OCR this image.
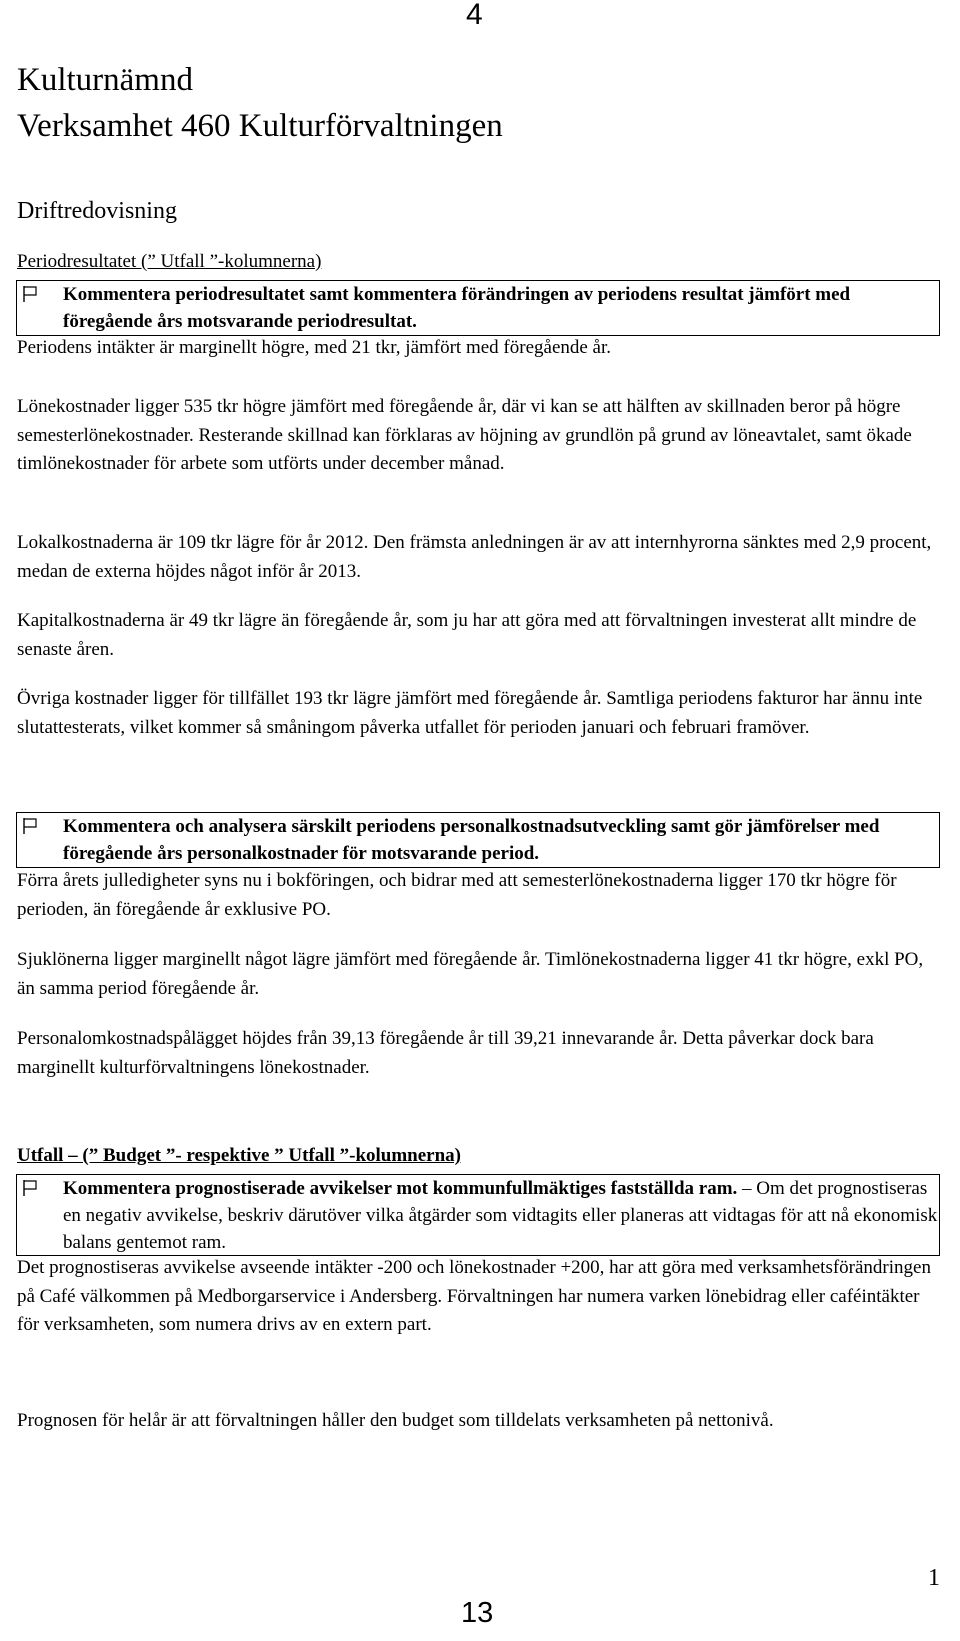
4
Kulturnämnd
Verksamhet 460 Kulturförvaltningen
Driftredovisning
Periodresultatet (” Utfall ”-kolumnerna)
Kommentera periodresultatet samt kommentera förändringen av periodens resultat jämfört med föregående års motsvarande periodresultat.

Periodens intäkter är marginellt högre, med 21 tkr, jämfört med föregående år.

Lönekostnader ligger 535 tkr högre jämfört med föregående år, där vi kan se att hälften av skillnaden beror på högre semesterlönekostnader. Resterande skillnad kan förklaras av höjning av grundlön på grund av löneavtalet, samt ökade timlönekostnader för arbete som utförts under december månad.

Lokalkostnaderna är 109 tkr lägre för år 2012. Den främsta anledningen är av att internhyrorna sänktes med 2,9 procent, medan de externa höjdes något inför år 2013.

Kapitalkostnaderna är 49 tkr lägre än föregående år, som ju har att göra med att förvaltningen investerat allt mindre de senaste åren.

Övriga kostnader ligger för tillfället 193 tkr lägre jämfört med föregående år. Samtliga periodens fakturor har ännu inte slutattesterats, vilket kommer så småningom påverka utfallet för perioden januari och februari framöver.

Kommentera och analysera särskilt periodens personalkostnadsutveckling samt gör jämförelser med föregående års personalkostnader för motsvarande period.

Förra årets julledigheter syns nu i bokföringen, och bidrar med att semesterlönekostnaderna ligger 170 tkr högre för perioden, än föregående år exklusive PO.

Sjuklönerna ligger marginellt något lägre jämfört med föregående år. Timlönekostnaderna ligger 41 tkr högre, exkl PO, än samma period föregående år.

Personalomkostnadspålägget höjdes från 39,13 föregående år till 39,21 innevarande år. Detta påverkar dock bara marginellt kulturförvaltningens lönekostnader.

Utfall – (” Budget ”- respektive ” Utfall ”-kolumnerna)
Kommentera prognostiserade avvikelser mot kommunfullmäktiges fastställda ram. – Om det prognostiseras en negativ avvikelse, beskriv därutöver vilka åtgärder som vidtagits eller planeras att vidtagas för att nå ekonomisk balans gentemot ram.

Det prognostiseras avvikelse avseende intäkter -200 och lönekostnader +200, har att göra med verksamhetsförändringen på Café välkommen på Medborgarservice i Andersberg. Förvaltningen har numera varken lönebidrag eller caféintäkter för verksamheten, som numera drivs av en extern part.

Prognosen för helår är att förvaltningen håller den budget som tilldelats verksamheten på nettonivå.

1
13
